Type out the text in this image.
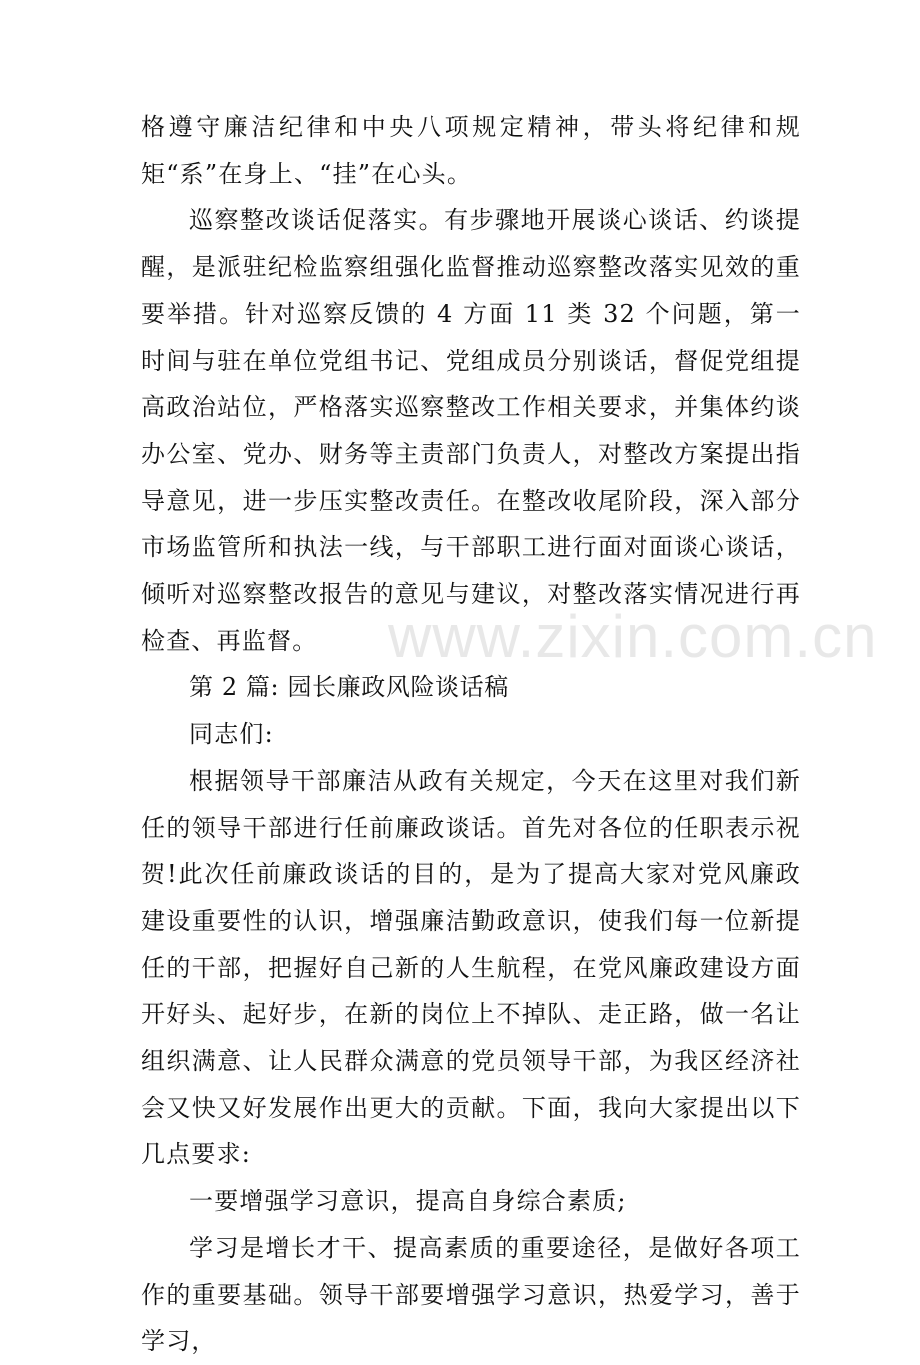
格遵守廉洁纪律和中央八项规定精神，带头将纪律和规矩“系”在身上、“挂”在心头。

巡察整改谈话促落实。有步骤地开展谈心谈话、约谈提醒，是派驻纪检监察组强化监督推动巡察整改落实见效的重要举措。针对巡察反馈的 4 方面 11 类 32 个问题，第一时间与驻在单位党组书记、党组成员分别谈话，督促党组提高政治站位，严格落实巡察整改工作相关要求，并集体约谈办公室、党办、财务等主责部门负责人，对整改方案提出指导意见，进一步压实整改责任。在整改收尾阶段，深入部分市场监管所和执法一线，与干部职工进行面对面谈心谈话，倾听对巡察整改报告的意见与建议，对整改落实情况进行再检查、再监督。

第 2 篇: 园长廉政风险谈话稿

同志们:

根据领导干部廉洁从政有关规定，今天在这里对我们新任的领导干部进行任前廉政谈话。首先对各位的任职表示祝贺!此次任前廉政谈话的目的，是为了提高大家对党风廉政建设重要性的认识，增强廉洁勤政意识，使我们每一位新提任的干部，把握好自己新的人生航程，在党风廉政建设方面开好头、起好步，在新的岗位上不掉队、走正路，做一名让组织满意、让人民群众满意的党员领导干部，为我区经济社会又快又好发展作出更大的贡献。下面，我向大家提出以下几点要求:

一要增强学习意识，提高自身综合素质;

学习是增长才干、提高素质的重要途径，是做好各项工作的重要基础。领导干部要增强学习意识，热爱学习，善于学习，

www.zixin.com.cn
